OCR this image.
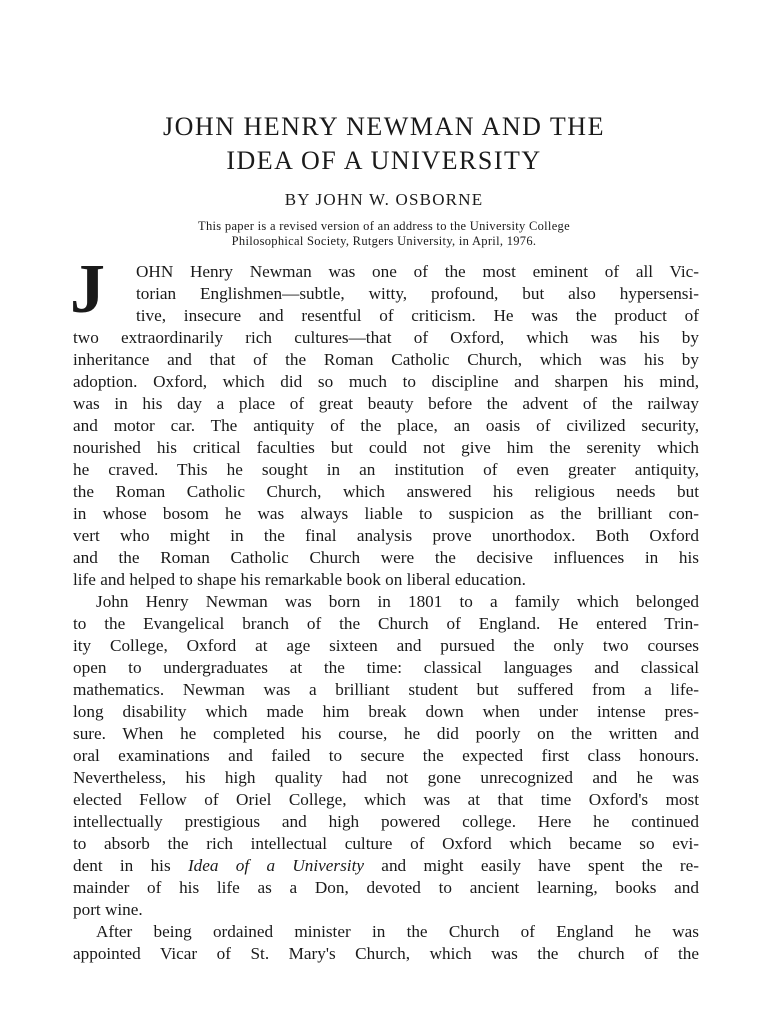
JOHN HENRY NEWMAN AND THE
IDEA OF A UNIVERSITY
BY JOHN W. OSBORNE
This paper is a revised version of an address to the University College
Philosophical Society, Rutgers University, in April, 1976.
J OHN Henry Newman was one of the most eminent of all Vic-
torian Englishmen—subtle, witty, profound, but also hypersensi-
tive, insecure and resentful of criticism. He was the product of
two extraordinarily rich cultures—that of Oxford, which was his by
inheritance and that of the Roman Catholic Church, which was his by
adoption. Oxford, which did so much to discipline and sharpen his mind,
was in his day a place of great beauty before the advent of the railway
and motor car. The antiquity of the place, an oasis of civilized security,
nourished his critical faculties but could not give him the serenity which
he craved. This he sought in an institution of even greater antiquity,
the Roman Catholic Church, which answered his religious needs but
in whose bosom he was always liable to suspicion as the brilliant con-
vert who might in the final analysis prove unorthodox. Both Oxford
and the Roman Catholic Church were the decisive influences in his
life and helped to shape his remarkable book on liberal education.
John Henry Newman was born in 1801 to a family which belonged
to the Evangelical branch of the Church of England. He entered Trin-
ity College, Oxford at age sixteen and pursued the only two courses
open to undergraduates at the time: classical languages and classical
mathematics. Newman was a brilliant student but suffered from a life-
long disability which made him break down when under intense pres-
sure. When he completed his course, he did poorly on the written and
oral examinations and failed to secure the expected first class honours.
Nevertheless, his high quality had not gone unrecognized and he was
elected Fellow of Oriel College, which was at that time Oxford's most
intellectually prestigious and high powered college. Here he continued
to absorb the rich intellectual culture of Oxford which became so evi-
dent in his Idea of a University and might easily have spent the re-
mainder of his life as a Don, devoted to ancient learning, books and
port wine.
After being ordained minister in the Church of England he was
appointed Vicar of St. Mary's Church, which was the church of the
